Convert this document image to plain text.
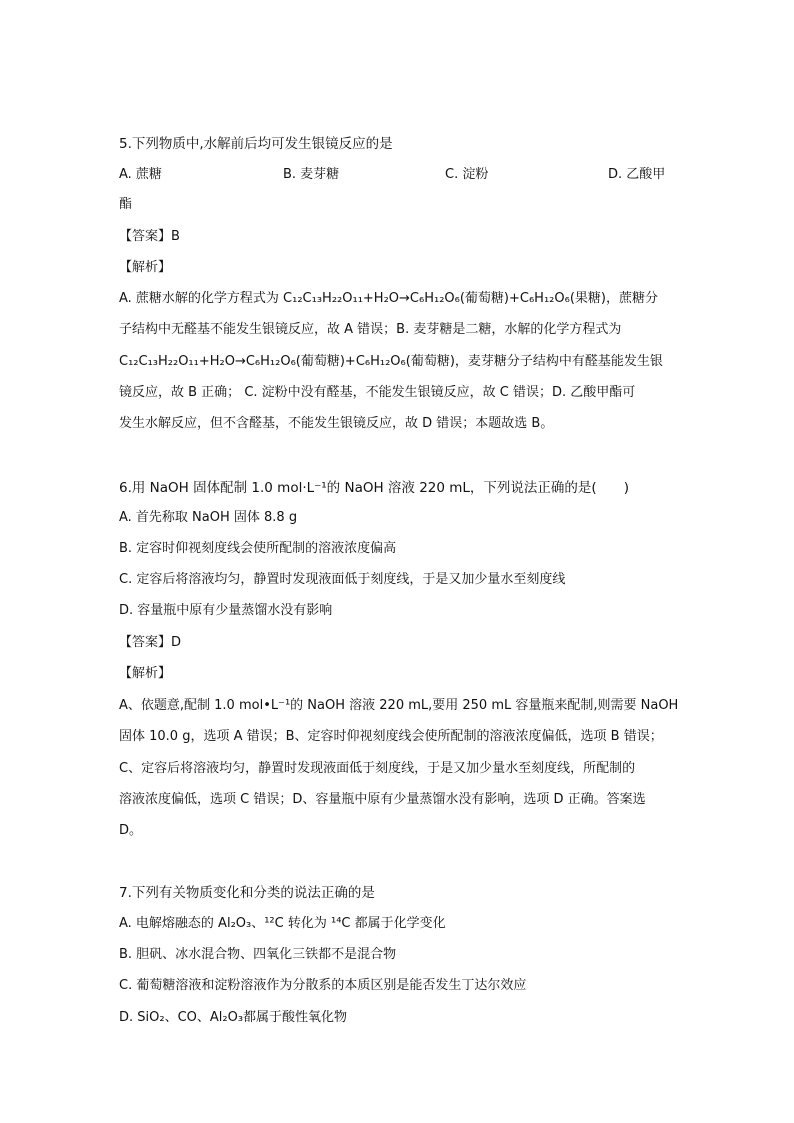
5.下列物质中,水解前后均可发生银镜反应的是
A. 蔗糖	B. 麦芽糖	C. 淀粉	D. 乙酸甲
酯
【答案】B
【解析】
A. 蔗糖水解的化学方程式为 C₁₂C₁₃H₂₂O₁₁+H₂O→C₆H₁₂O₆(葡萄糖)+C₆H₁₂O₆(果糖)，蔗糖分
子结构中无醛基不能发生银镜反应，故 A 错误；B. 麦芽糖是二糖，水解的化学方程式为
C₁₂C₁₃H₂₂O₁₁+H₂O→C₆H₁₂O₆(葡萄糖)+C₆H₁₂O₆(葡萄糖)，麦芽糖分子结构中有醛基能发生银
镜反应，故 B 正确； C. 淀粉中没有醛基，不能发生银镜反应，故 C 错误；D. 乙酸甲酯可
发生水解反应，但不含醛基，不能发生银镜反应，故 D 错误；本题故选 B。
6.用 NaOH 固体配制 1.0 mol·L⁻¹的 NaOH 溶液 220 mL，下列说法正确的是(　　)
A. 首先称取 NaOH 固体 8.8 g
B. 定容时仰视刻度线会使所配制的溶液浓度偏高
C. 定容后将溶液均匀，静置时发现液面低于刻度线，于是又加少量水至刻度线
D. 容量瓶中原有少量蒸馏水没有影响
【答案】D
【解析】
A、依题意,配制 1.0 mol•L⁻¹的 NaOH 溶液 220 mL,要用 250 mL 容量瓶来配制,则需要 NaOH
固体 10.0 g，选项 A 错误；B、定容时仰视刻度线会使所配制的溶液浓度偏低，选项 B 错误；
C、定容后将溶液均匀，静置时发现液面低于刻度线，于是又加少量水至刻度线，所配制的
溶液浓度偏低，选项 C 错误；D、容量瓶中原有少量蒸馏水没有影响，选项 D 正确。答案选
D。
7.下列有关物质变化和分类的说法正确的是
A. 电解熔融态的 Al₂O₃、¹²C 转化为 ¹⁴C 都属于化学变化
B. 胆矾、冰水混合物、四氧化三铁都不是混合物
C. 葡萄糖溶液和淀粉溶液作为分散系的本质区别是能否发生丁达尔效应
D. SiO₂、CO、Al₂O₃都属于酸性氧化物
